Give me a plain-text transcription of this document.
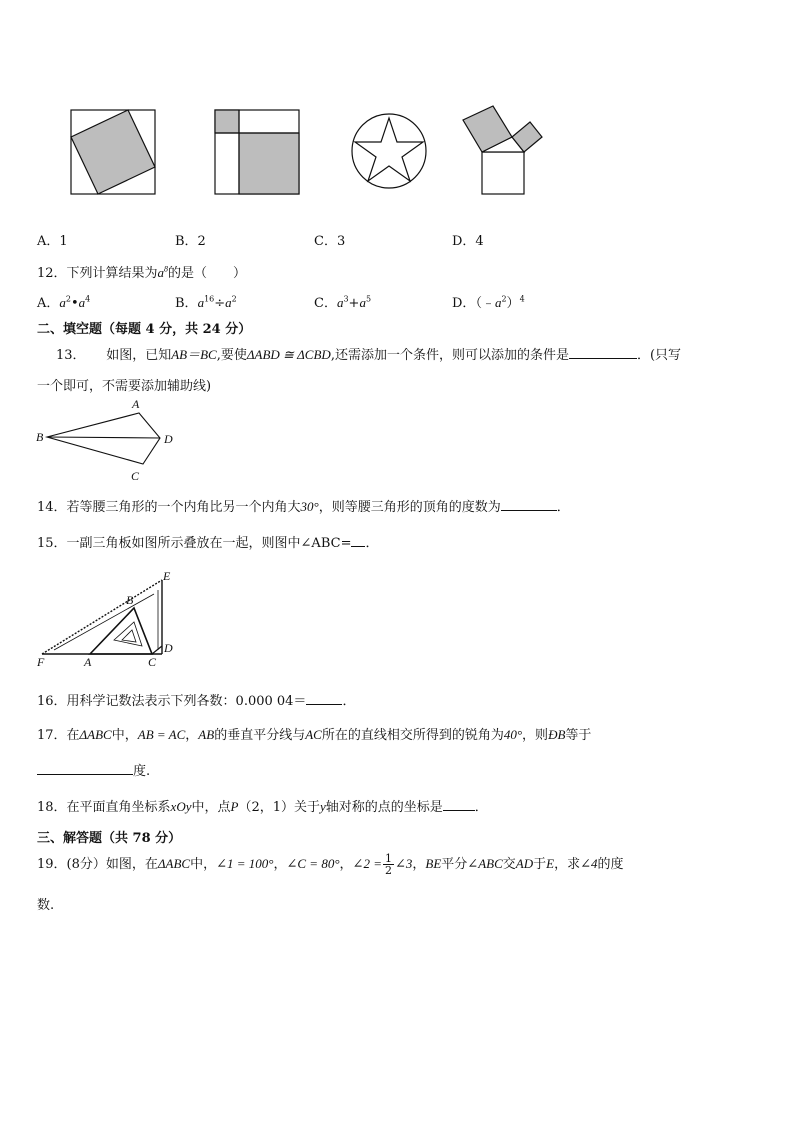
A．1	B．2	C．3	D．4
12．下列计算结果为$a^8$的是（　　）
A．$a^2•a^4$	B．$a^{16}\div a^2$	C．$a^3+a^5$	D．$(﹣a^2)^4$
二、填空题（每题 4 分，共 24 分）
13． 如图，已知AB＝BC,要使ΔABD ≅ ΔCBD,还需添加一个条件，则可以添加的条件是	．(只写
一个即可，不需要添加辅助线)
A
B
C
D
14．若等腰三角形的一个内角比另一个内角大30°，则等腰三角形的顶角的度数为	．
15．一副三角板如图所示叠放在一起，则图中∠ABC= ．
E
B
D
F	A	C
16．用科学记数法表示下列各数：0.000 04＝	．
17．在ΔABC中，AB = AC，AB的垂直平分线与AC所在的直线相交所得到的锐角为40°，则ÐB等于
度.
18．在平面直角坐标系xOy中，点P（2，1）关于y轴对称的点的坐标是 ．
三、解答题（共 78 分）
19．(8分）如图，在ΔABC中，∠1 = 100°，∠C = 80°，∠2 = $\frac{1}{2}$ ∠3，BE平分∠ABC交AD于E，求∠4的度
数.
